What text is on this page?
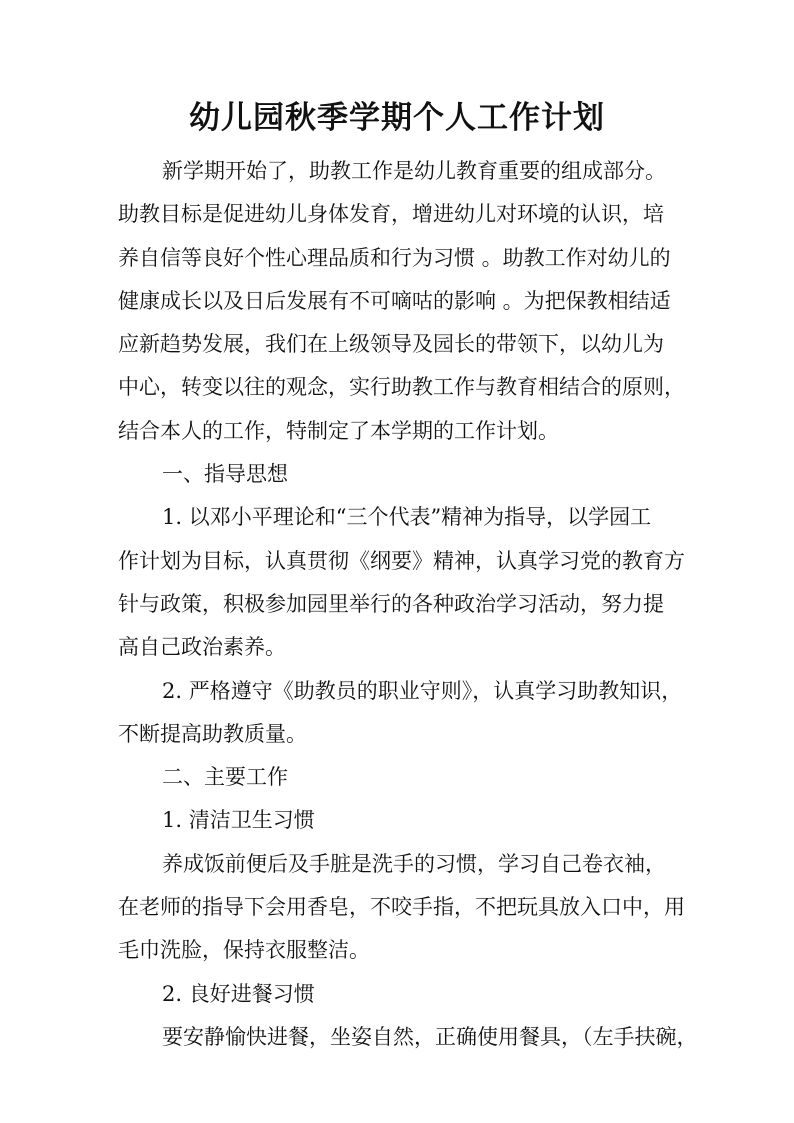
幼儿园秋季学期个人工作计划
新学期开始了，助教工作是幼儿教育重要的组成部分。
助教目标是促进幼儿身体发育，增进幼儿对环境的认识，培
养自信等良好个性心理品质和行为习惯 。助教工作对幼儿的
健康成长以及日后发展有不可嘀咕的影响 。为把保教相结适
应新趋势发展，我们在上级领导及园长的带领下，以幼儿为
中心，转变以往的观念，实行助教工作与教育相结合的原则，
结合本人的工作，特制定了本学期的工作计划。
一、指导思想
1. 以邓小平理论和“三个代表”精神为指导，以学园工
作计划为目标，认真贯彻《纲要》精神，认真学习党的教育方
针与政策，积极参加园里举行的各种政治学习活动，努力提
高自己政治素养。
2. 严格遵守《助教员的职业守则》，认真学习助教知识，
不断提高助教质量。
二、主要工作
1. 清洁卫生习惯
养成饭前便后及手脏是洗手的习惯，学习自己卷衣袖，
在老师的指导下会用香皂，不咬手指，不把玩具放入口中，用
毛巾洗脸，保持衣服整洁。
2. 良好进餐习惯
要安静愉快进餐，坐姿自然，正确使用餐具，（左手扶碗，
